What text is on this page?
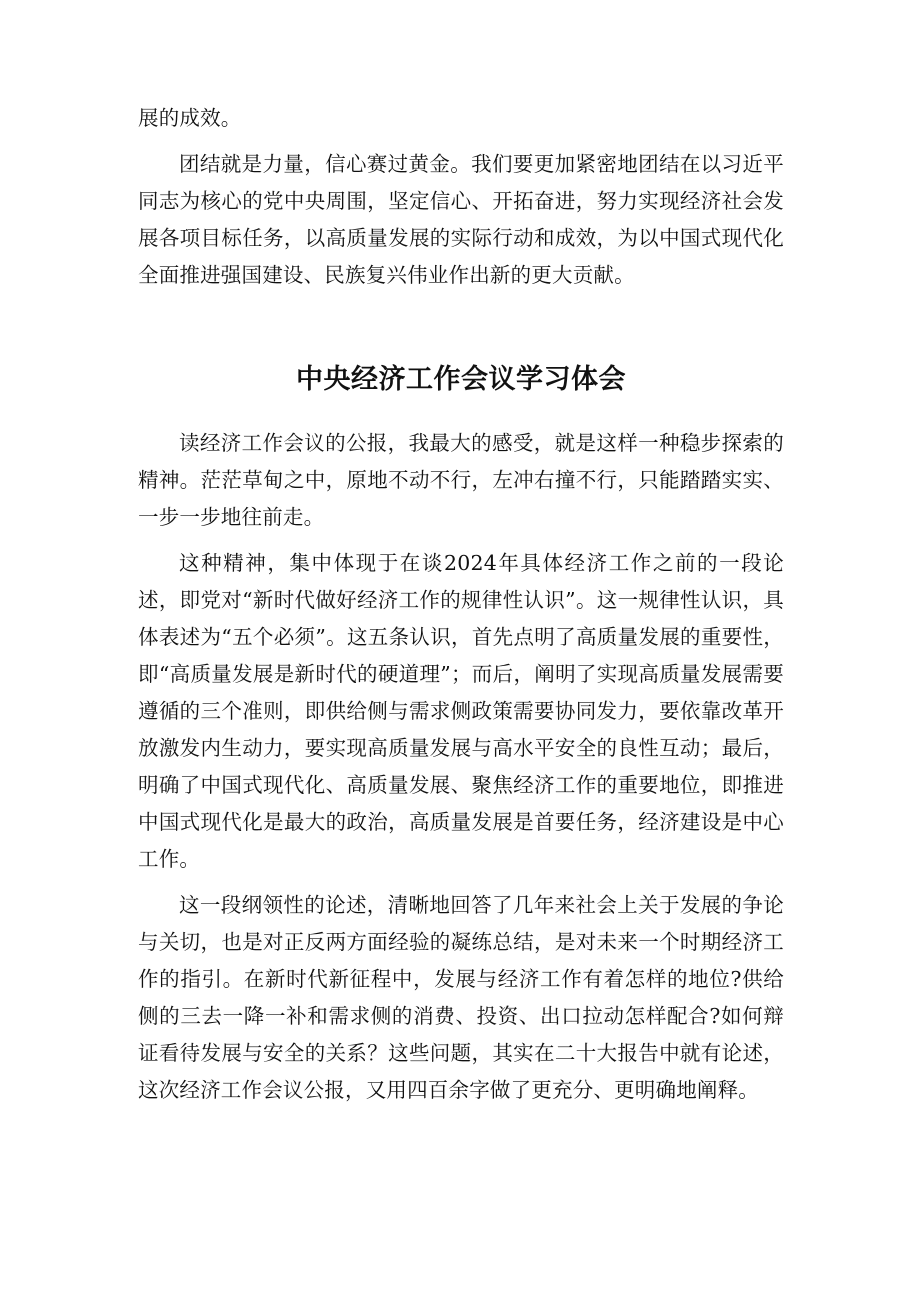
展的成效。

团结就是力量，信心赛过黄金。我们要更加紧密地团结在以习近平同志为核心的党中央周围，坚定信心、开拓奋进，努力实现经济社会发展各项目标任务，以高质量发展的实际行动和成效，为以中国式现代化全面推进强国建设、民族复兴伟业作出新的更大贡献。

中央经济工作会议学习体会

读经济工作会议的公报，我最大的感受，就是这样一种稳步探索的精神。茫茫草甸之中，原地不动不行，左冲右撞不行，只能踏踏实实、一步一步地往前走。

这种精神，集中体现于在谈2024年具体经济工作之前的一段论述，即党对“新时代做好经济工作的规律性认识”。这一规律性认识，具体表述为“五个必须”。这五条认识，首先点明了高质量发展的重要性，即“高质量发展是新时代的硬道理”；而后，阐明了实现高质量发展需要遵循的三个准则，即供给侧与需求侧政策需要协同发力，要依靠改革开放激发内生动力，要实现高质量发展与高水平安全的良性互动；最后，明确了中国式现代化、高质量发展、聚焦经济工作的重要地位，即推进中国式现代化是最大的政治，高质量发展是首要任务，经济建设是中心工作。

这一段纲领性的论述，清晰地回答了几年来社会上关于发展的争论与关切，也是对正反两方面经验的凝练总结，是对未来一个时期经济工作的指引。在新时代新征程中，发展与经济工作有着怎样的地位?供给侧的三去一降一补和需求侧的消费、投资、出口拉动怎样配合?如何辩证看待发展与安全的关系？这些问题，其实在二十大报告中就有论述，这次经济工作会议公报，又用四百余字做了更充分、更明确地阐释。
